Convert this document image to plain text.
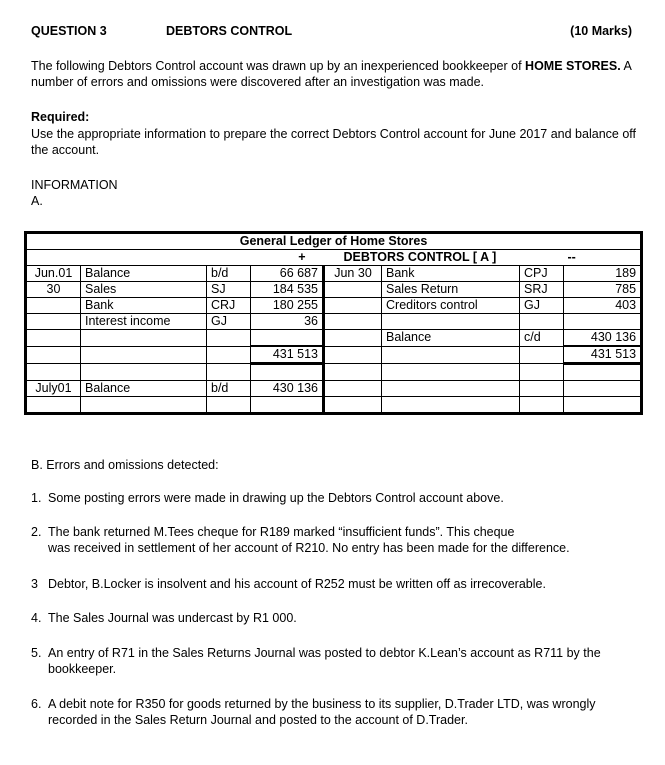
QUESTION 3	DEBTORS CONTROL	(10 Marks)
The following Debtors Control account was drawn up by an inexperienced bookkeeper of HOME STORES. A number of errors and omissions were discovered after an investigation was made.
Required:
Use the appropriate information to prepare the correct Debtors Control account for June 2017 and balance off the account.
INFORMATION
A.
General Ledger of Home Stores							
+				DEBTORS CONTROL [ A ]			--
Jun.01	Balance	b/d	66 687	Jun 30	Bank	CPJ	189
30	Sales	SJ	184 535		Sales Return	SRJ	785
	Bank	CRJ	180 255		Creditors control	GJ	403
	Interest income	GJ	36				
					Balance	c/d	430 136
			431 513				431 513

July01	Balance	b/d	430 136				

B. Errors and omissions detected:
1. Some posting errors were made in drawing up the Debtors Control account above.
2. The bank returned M.Tees cheque for R189 marked “insufficient funds”. This cheque
was received in settlement of her account of R210. No entry has been made for the difference.
3 Debtor, B.Locker is insolvent and his account of R252 must be written off as irrecoverable.
4. The Sales Journal was undercast by R1 000.
5. An entry of R71 in the Sales Returns Journal was posted to debtor K.Lean’s account as R711 by the bookkeeper.
6. A debit note for R350 for goods returned by the business to its supplier, D.Trader LTD, was wrongly recorded in the Sales Return Journal and posted to the account of D.Trader.
